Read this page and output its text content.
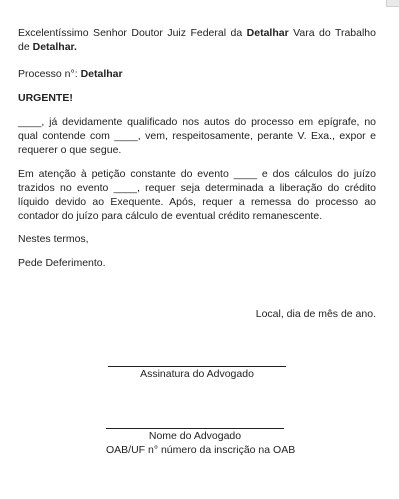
Excelentíssimo Senhor Doutor Juiz Federal da Detalhar Vara do Trabalho de Detalhar.

Processo n°: Detalhar

URGENTE!

____, já devidamente qualificado nos autos do processo em epígrafe, no qual contende com ____, vem, respeitosamente, perante V. Exa., expor e requerer o que segue.

Em atenção à petição constante do evento ____ e dos cálculos do juízo trazidos no evento ____, requer seja determinada a liberação do crédito líquido devido ao Exequente. Após, requer a remessa do processo ao contador do juízo para cálculo de eventual crédito remanescente.

Nestes termos,

Pede Deferimento.

Local, dia de mês de ano.
Assinatura do Advogado
Nome do Advogado
OAB/UF n° número da inscrição na OAB
